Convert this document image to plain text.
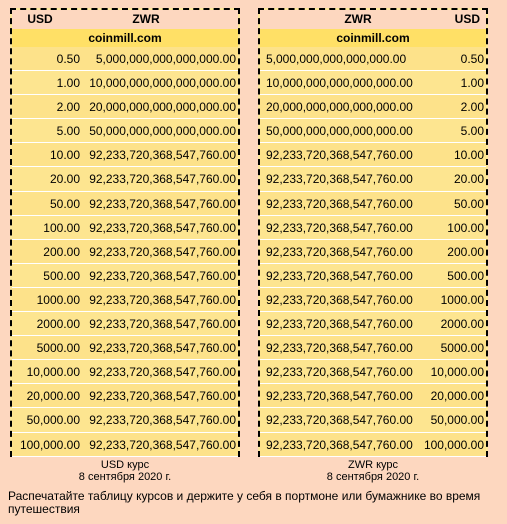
USD	ZWR
coinmill.com
0.50	5,000,000,000,000,000.00
1.00 10,000,000,000,000,000.00
2.00 20,000,000,000,000,000.00
5.00 50,000,000,000,000,000.00
10.00 92,233,720,368,547,760.00
20.00 92,233,720,368,547,760.00
50.00 92,233,720,368,547,760.00
100.00 92,233,720,368,547,760.00
200.00 92,233,720,368,547,760.00
500.00 92,233,720,368,547,760.00
1000.00 92,233,720,368,547,760.00
2000.00 92,233,720,368,547,760.00
5000.00 92,233,720,368,547,760.00
10,000.00 92,233,720,368,547,760.00
20,000.00 92,233,720,368,547,760.00
50,000.00 92,233,720,368,547,760.00
100,000.00 92,233,720,368,547,760.00
ZWR	USD
coinmill.com
5,000,000,000,000,000.00	0.50
10,000,000,000,000,000.00	1.00
20,000,000,000,000,000.00	2.00
50,000,000,000,000,000.00	5.00
92,233,720,368,547,760.00	10.00
92,233,720,368,547,760.00	20.00
92,233,720,368,547,760.00	50.00
92,233,720,368,547,760.00	100.00
92,233,720,368,547,760.00	200.00
92,233,720,368,547,760.00	500.00
92,233,720,368,547,760.00	1000.00
92,233,720,368,547,760.00	2000.00
92,233,720,368,547,760.00	5000.00
92,233,720,368,547,760.00	10,000.00
92,233,720,368,547,760.00	20,000.00
92,233,720,368,547,760.00	50,000.00
92,233,720,368,547,760.00 100,000.00
USD курс
8 сентября 2020 г.
ZWR курс
8 сентября 2020 г.
Распечатайте таблицу курсов и держите у себя в портмоне или бумажнике во время путешествия
